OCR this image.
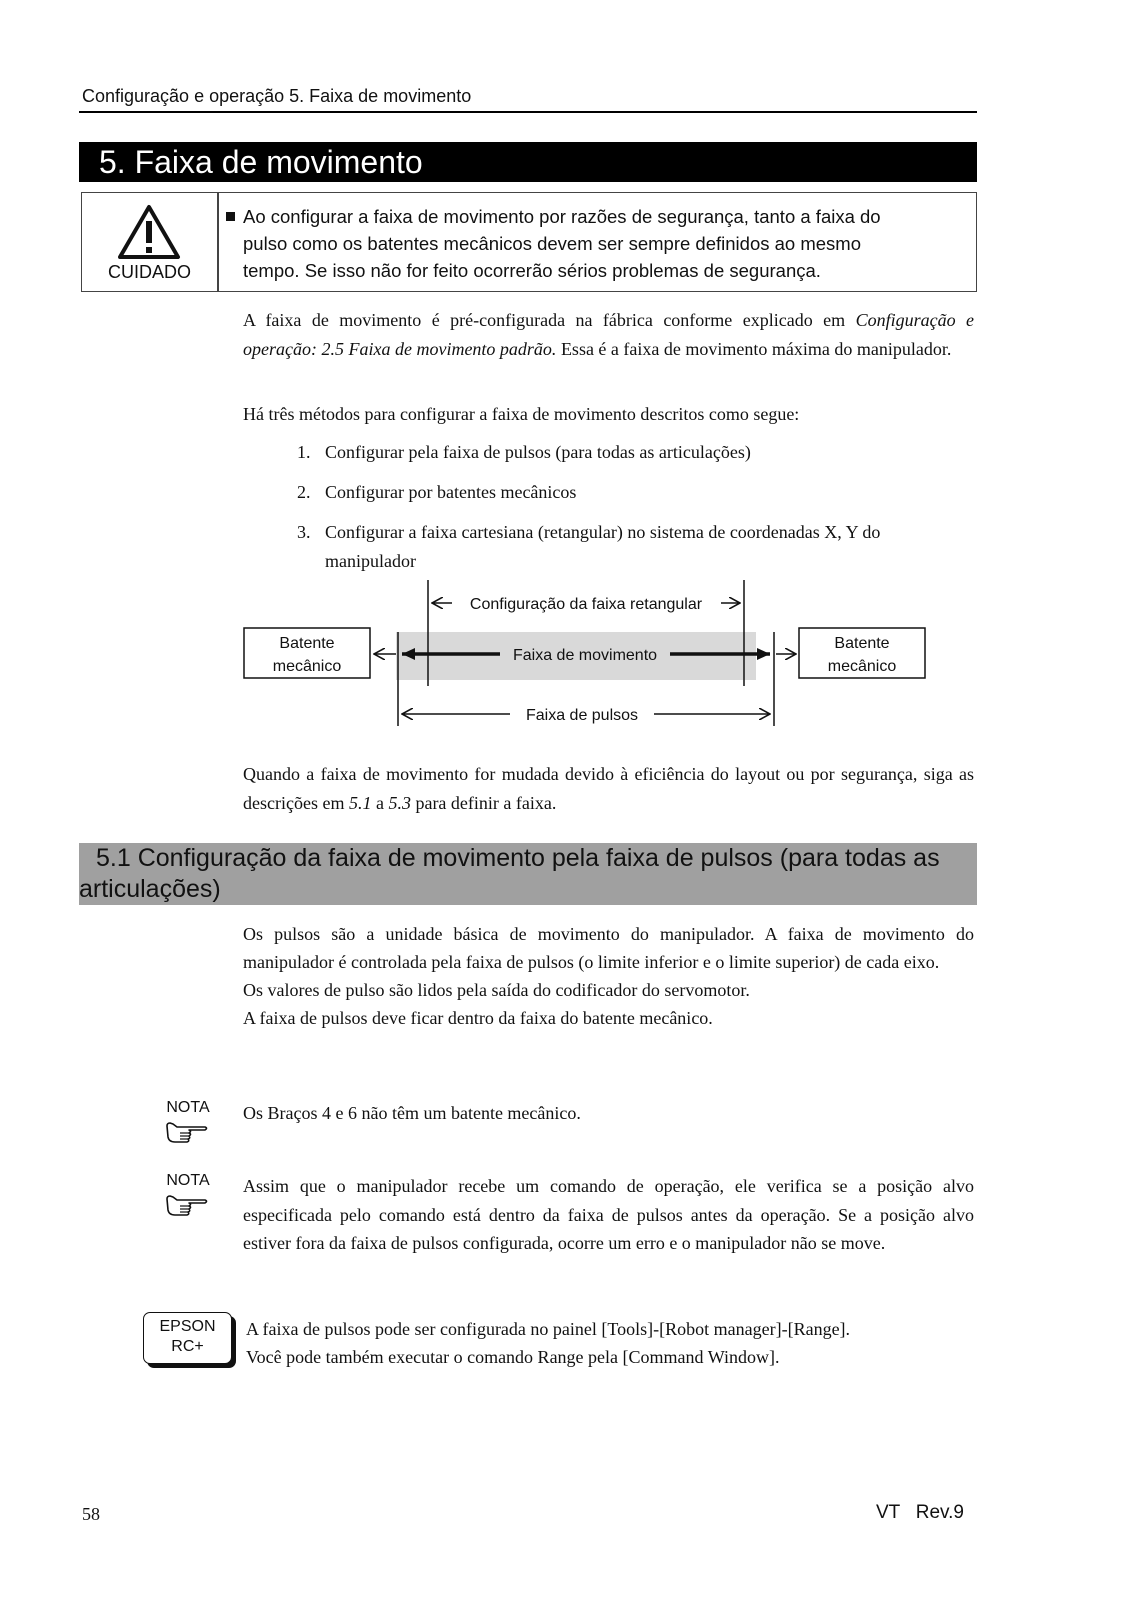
Configuração e operação 5. Faixa de movimento
5. Faixa de movimento
CUIDADO
Ao configurar a faixa de movimento por razões de segurança, tanto a faixa do
pulso como os batentes mecânicos devem ser sempre definidos ao mesmo
tempo. Se isso não for feito ocorrerão sérios problemas de segurança.
A faixa de movimento é pré-configurada na fábrica conforme explicado em Configuração e operação: 2.5 Faixa de movimento padrão. Essa é a faixa de movimento máxima do manipulador.
Há três métodos para configurar a faixa de movimento descritos como segue:
1. Configurar pela faixa de pulsos (para todas as articulações)
2. Configurar por batentes mecânicos
3. Configurar a faixa cartesiana (retangular) no sistema de coordenadas X, Y do
manipulador
Configuração da faixa retangular
Batente
mecânico
Batente
mecânico
Faixa de movimento
Faixa de pulsos
Quando a faixa de movimento for mudada devido à eficiência do layout ou por segurança, siga as descrições em 5.1 a 5.3 para definir a faixa.
5.1 Configuração da faixa de movimento pela faixa de pulsos (para todas as
articulações)
Os pulsos são a unidade básica de movimento do manipulador. A faixa de movimento do manipulador é controlada pela faixa de pulsos (o limite inferior e o limite superior) de cada eixo.
Os valores de pulso são lidos pela saída do codificador do servomotor.
A faixa de pulsos deve ficar dentro da faixa do batente mecânico.
NOTA	Os Braços 4 e 6 não têm um batente mecânico.
NOTA	Assim que o manipulador recebe um comando de operação, ele verifica se a posição alvo especificada pelo comando está dentro da faixa de pulsos antes da operação. Se a posição alvo estiver fora da faixa de pulsos configurada, ocorre um erro e o manipulador não se move.
EPSON
RC+
A faixa de pulsos pode ser configurada no painel [Tools]-[Robot manager]-[Range].
Você pode também executar o comando Range pela [Command Window].
58	VT   Rev.9
